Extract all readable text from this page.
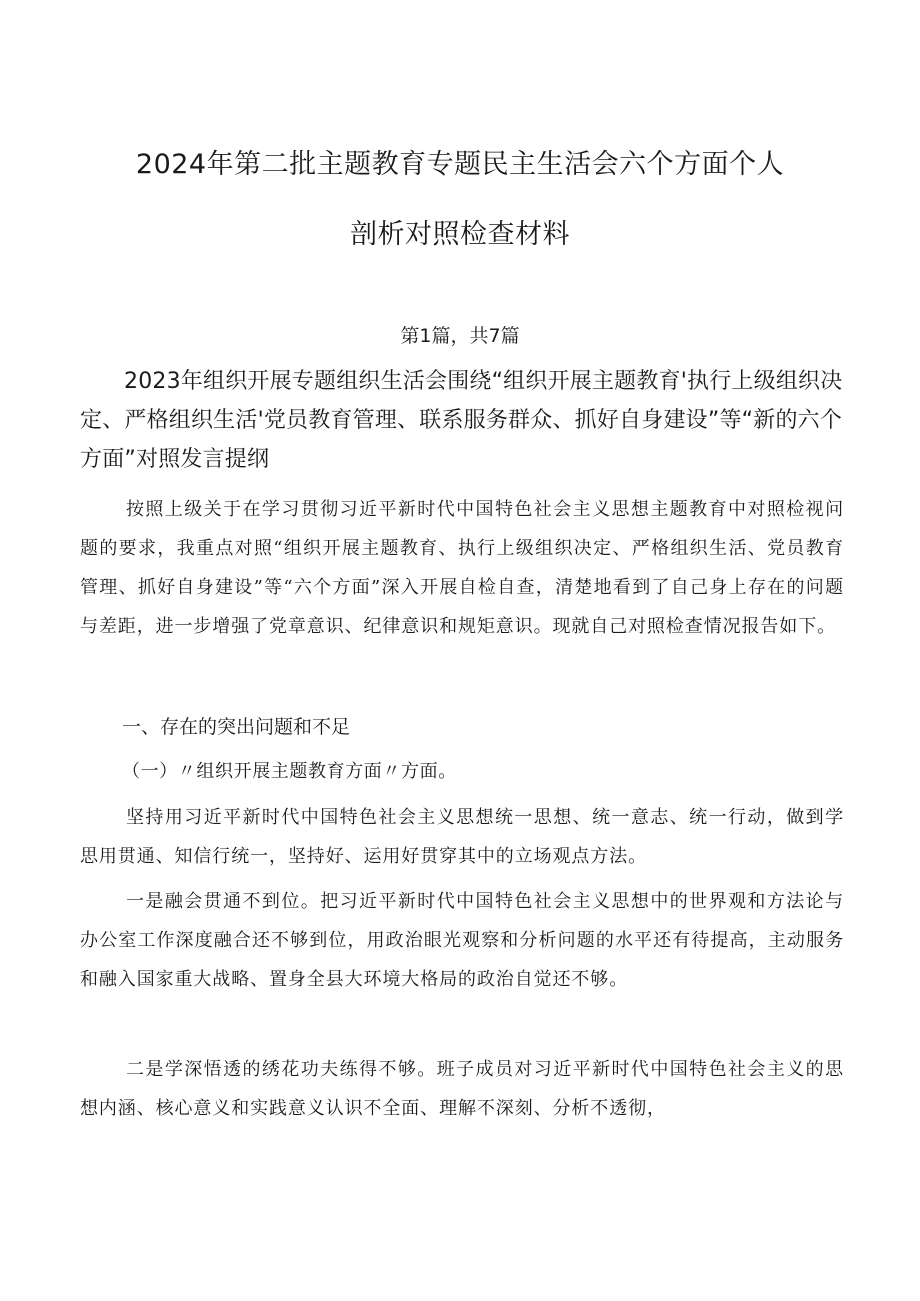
2024年第二批主题教育专题民主生活会六个方面个人
剖析对照检查材料
第1篇，共7篇
2023年组织开展专题组织生活会围绕“组织开展主题教育'执行上级组织决定、严格组织生活'党员教育管理、联系服务群众、抓好自身建设”等“新的六个方面”对照发言提纲
按照上级关于在学习贯彻习近平新时代中国特色社会主义思想主题教育中对照检视问题的要求，我重点对照“组织开展主题教育、执行上级组织决定、严格组织生活、党员教育管理、抓好自身建设”等“六个方面”深入开展自检自查，清楚地看到了自己身上存在的问题与差距，进一步增强了党章意识、纪律意识和规矩意识。现就自己对照检查情况报告如下。
一、存在的突出问题和不足
（一）〃组织开展主题教育方面〃方面。
坚持用习近平新时代中国特色社会主义思想统一思想、统一意志、统一行动，做到学思用贯通、知信行统一，坚持好、运用好贯穿其中的立场观点方法。
一是融会贯通不到位。把习近平新时代中国特色社会主义思想中的世界观和方法论与办公室工作深度融合还不够到位，用政治眼光观察和分析问题的水平还有待提高，主动服务和融入国家重大战略、置身全县大环境大格局的政治自觉还不够。
二是学深悟透的绣花功夫练得不够。班子成员对习近平新时代中国特色社会主义的思想内涵、核心意义和实践意义认识不全面、理解不深刻、分析不透彻，
